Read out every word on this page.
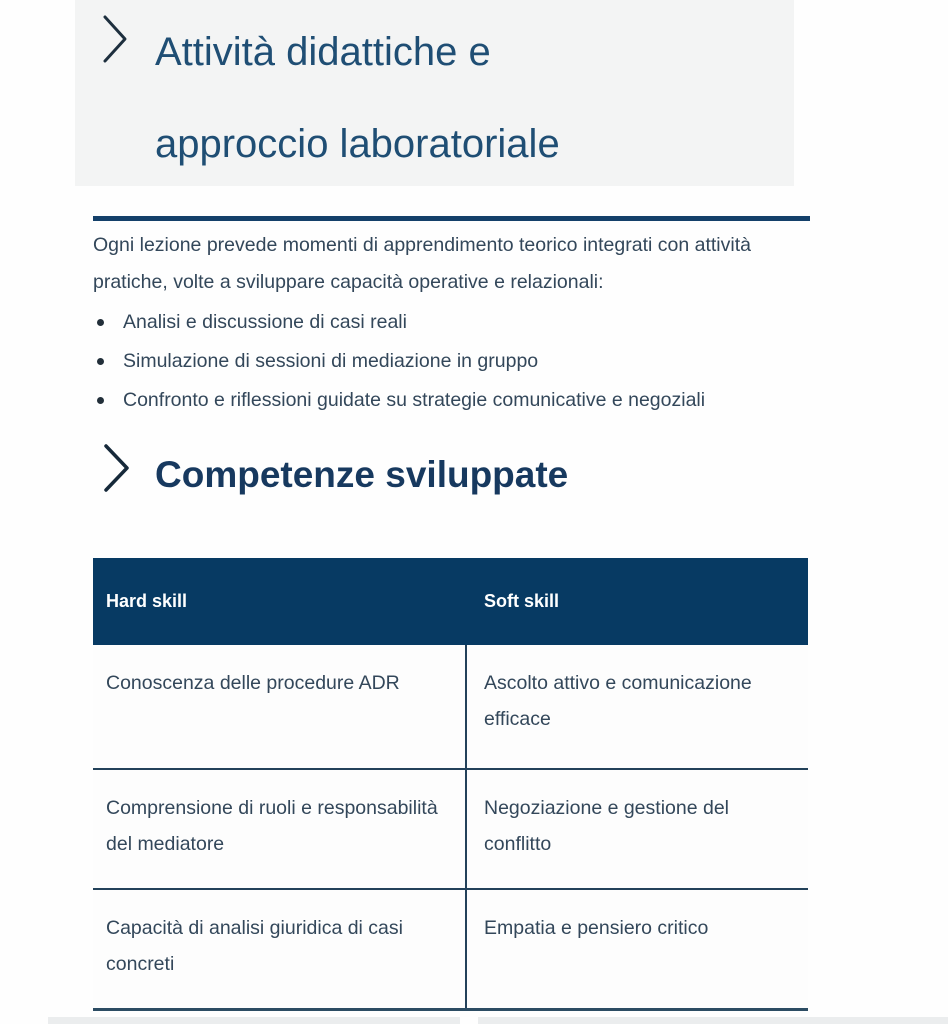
Attività didattiche e approccio laboratoriale

Ogni lezione prevede momenti di apprendimento teorico integrati con attività pratiche, volte a sviluppare capacità operative e relazionali:

Analisi e discussione di casi reali
Simulazione di sessioni di mediazione in gruppo
Confronto e riflessioni guidate su strategie comunicative e negoziali
Competenze sviluppate
Hard skill	Soft skill
Conoscenza delle procedure ADR	Ascolto attivo e comunicazione efficace
Comprensione di ruoli e responsabilità del mediatore
Negoziazione e gestione del conflitto
Capacità di analisi giuridica di casi concreti
Empatia e pensiero critico
